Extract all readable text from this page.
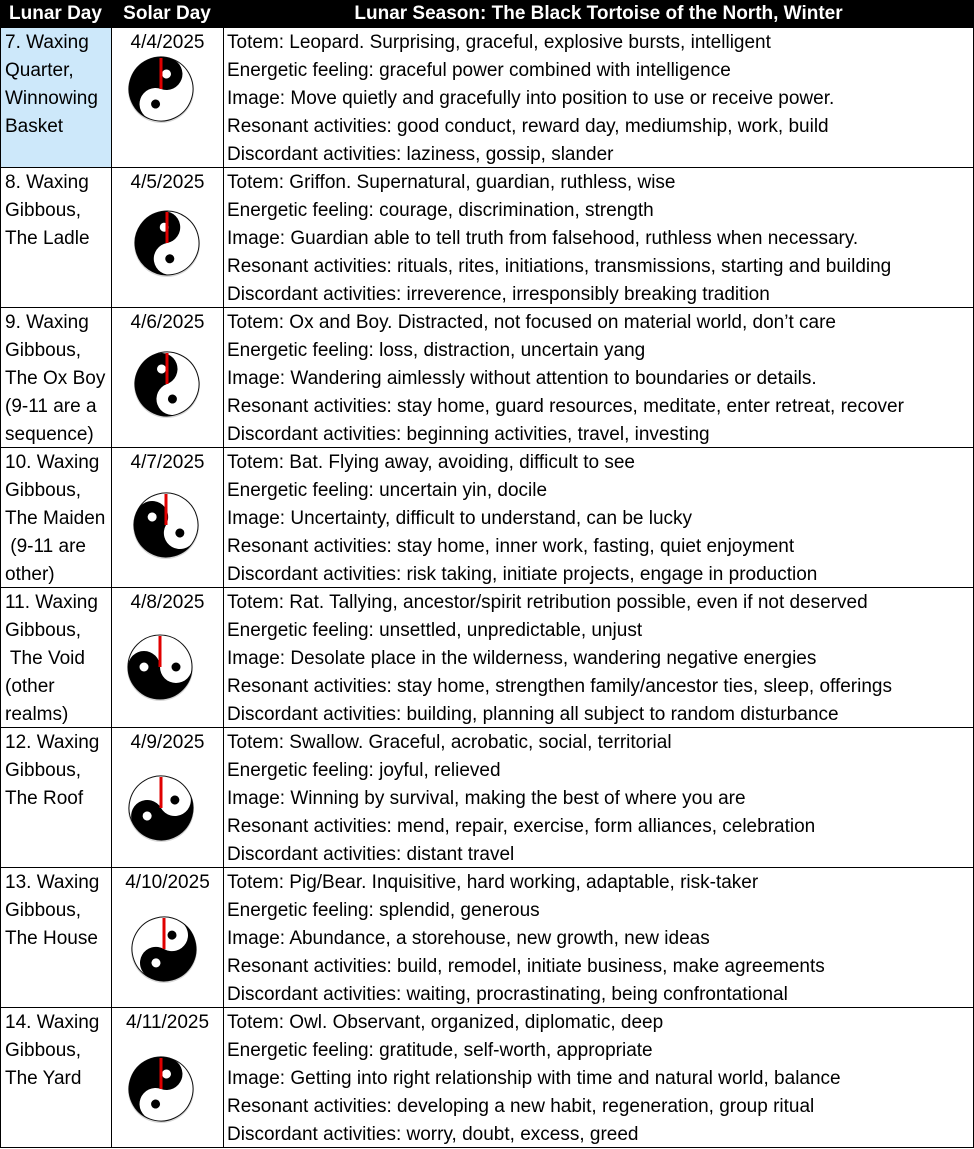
Lunar Day	Solar Day	Lunar Season: The Black Tortoise of the North, Winter
7. Waxing
Quarter,
Winnowing
Basket
4/4/2025	Totem: Leopard. Surprising, graceful, explosive bursts, intelligent
Energetic feeling: graceful power combined with intelligence
Image: Move quietly and gracefully into position to use or receive power.
Resonant activities: good conduct, reward day, mediumship, work, build
Discordant activities: laziness, gossip, slander
8. Waxing
Gibbous,
The Ladle
4/5/2025	Totem: Griffon. Supernatural, guardian, ruthless, wise
Energetic feeling: courage, discrimination, strength
Image: Guardian able to tell truth from falsehood, ruthless when necessary.
Resonant activities: rituals, rites, initiations, transmissions, starting and building
Discordant activities: irreverence, irresponsibly breaking tradition
9. Waxing
Gibbous,
The Ox Boy
(9-11 are a
sequence)
4/6/2025	Totem: Ox and Boy. Distracted, not focused on material world, don’t care
Energetic feeling: loss, distraction, uncertain yang
Image: Wandering aimlessly without attention to boundaries or details.
Resonant activities: stay home, guard resources, meditate, enter retreat, recover
Discordant activities: beginning activities, travel, investing
10. Waxing
Gibbous,
The Maiden
(9-11 are
other)
4/7/2025	Totem: Bat. Flying away, avoiding, difficult to see
Energetic feeling: uncertain yin, docile
Image: Uncertainty, difficult to understand, can be lucky
Resonant activities: stay home, inner work, fasting, quiet enjoyment
Discordant activities: risk taking, initiate projects, engage in production
11. Waxing
Gibbous,
The Void
(other
realms)
4/8/2025	Totem: Rat. Tallying, ancestor/spirit retribution possible, even if not deserved
Energetic feeling: unsettled, unpredictable, unjust
Image: Desolate place in the wilderness, wandering negative energies
Resonant activities: stay home, strengthen family/ancestor ties, sleep, offerings
Discordant activities: building, planning all subject to random disturbance
12. Waxing
Gibbous,
The Roof
4/9/2025	Totem: Swallow. Graceful, acrobatic, social, territorial
Energetic feeling: joyful, relieved
Image: Winning by survival, making the best of where you are
Resonant activities: mend, repair, exercise, form alliances, celebration
Discordant activities: distant travel
13. Waxing
Gibbous,
The House
4/10/2025 Totem: Pig/Bear. Inquisitive, hard working, adaptable, risk-taker
Energetic feeling: splendid, generous
Image: Abundance, a storehouse, new growth, new ideas
Resonant activities: build, remodel, initiate business, make agreements
Discordant activities: waiting, procrastinating, being confrontational
14. Waxing
Gibbous,
The Yard
4/11/2025 Totem: Owl. Observant, organized, diplomatic, deep
Energetic feeling: gratitude, self-worth, appropriate
Image: Getting into right relationship with time and natural world, balance
Resonant activities: developing a new habit, regeneration, group ritual
Discordant activities: worry, doubt, excess, greed
